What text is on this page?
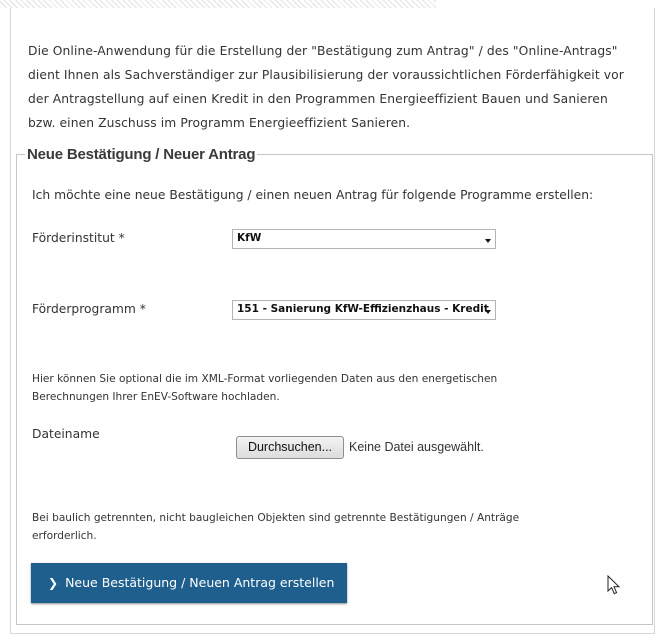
Die Online-Anwendung für die Erstellung der "Bestätigung zum Antrag" / des "Online-Antrags"
dient Ihnen als Sachverständiger zur Plausibilisierung der voraussichtlichen Förderfähigkeit vor
der Antragstellung auf einen Kredit in den Programmen Energieeffizient Bauen und Sanieren
bzw. einen Zuschuss im Programm Energieeffizient Sanieren.
Neue Bestätigung / Neuer Antrag
Ich möchte eine neue Bestätigung / einen neuen Antrag für folgende Programme erstellen:
Förderinstitut *	KfW
Förderprogramm *	151 - Sanierung KfW-Effizienzhaus - Kredit
Hier können Sie optional die im XML-Format vorliegenden Daten aus den energetischen
Berechnungen Ihrer EnEV-Software hochladen.
Dateiname
Durchsuchen...	Keine Datei ausgewählt.
Bei baulich getrennten, nicht baugleichen Objekten sind getrennte Bestätigungen / Anträge
erforderlich.
❯ Neue Bestätigung / Neuen Antrag erstellen
